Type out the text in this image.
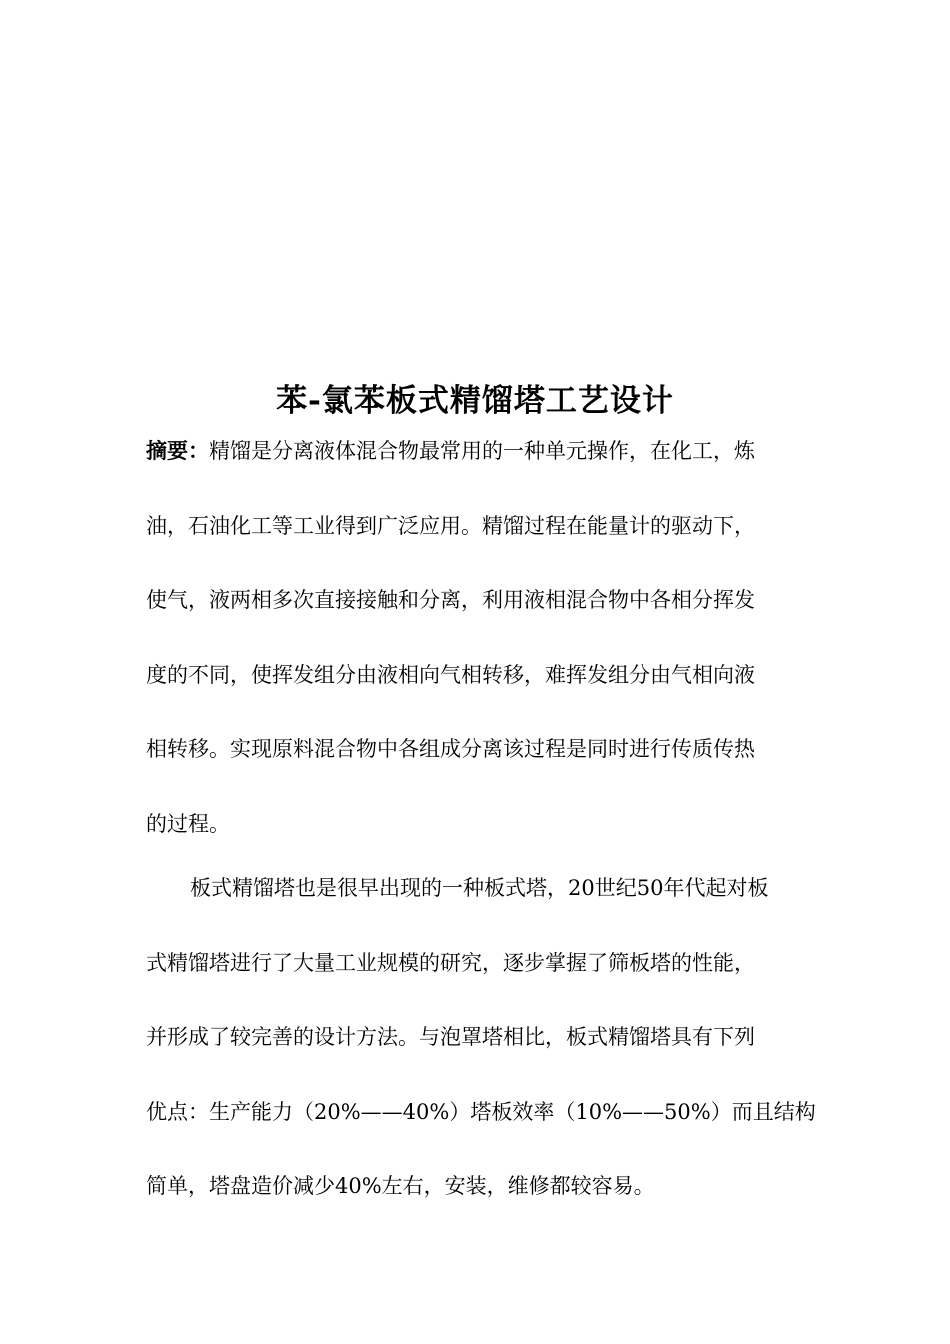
苯-氯苯板式精馏塔工艺设计
摘要：精馏是分离液体混合物最常用的一种单元操作，在化工，炼
油，石油化工等工业得到广泛应用。精馏过程在能量计的驱动下，
使气，液两相多次直接接触和分离，利用液相混合物中各相分挥发
度的不同，使挥发组分由液相向气相转移，难挥发组分由气相向液
相转移。实现原料混合物中各组成分离该过程是同时进行传质传热
的过程。
板式精馏塔也是很早出现的一种板式塔，20世纪50年代起对板
式精馏塔进行了大量工业规模的研究，逐步掌握了筛板塔的性能，
并形成了较完善的设计方法。与泡罩塔相比，板式精馏塔具有下列
优点：生产能力（20%——40%）塔板效率（10%——50%）而且结构
简单，塔盘造价减少40%左右，安装，维修都较容易。
